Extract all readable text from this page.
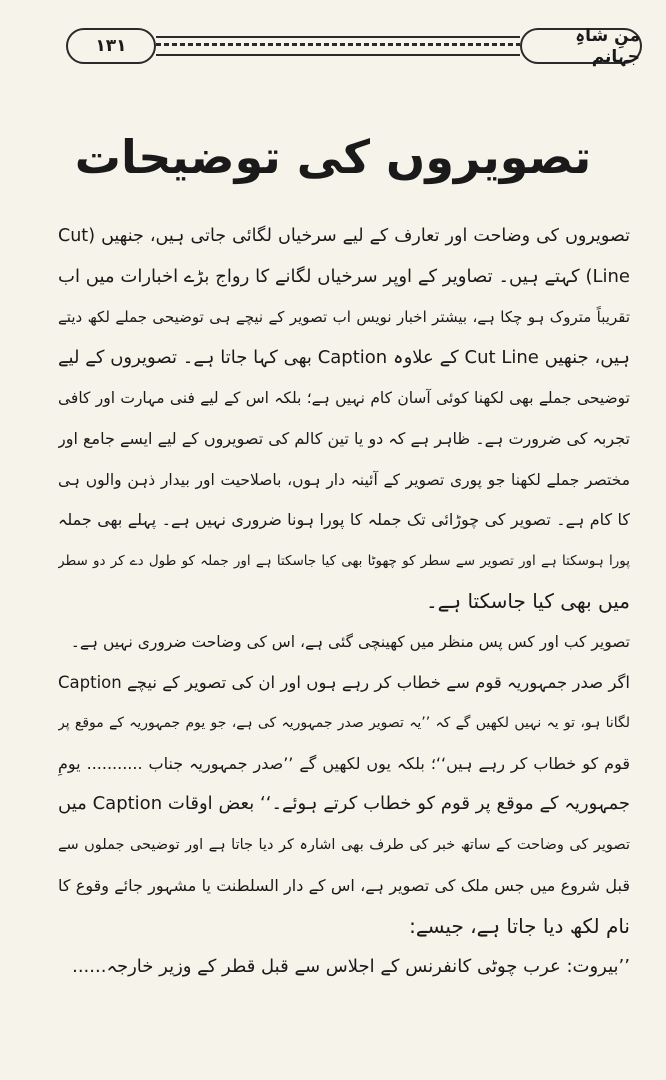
۱۳۱	منِ شاہِ جہانم
تصویروں کی توضیحات
تصویروں کی وضاحت اور تعارف کے لیے سرخیاں لگائی جاتی ہیں، جنھیں (Cut
Line) کہتے ہیں۔ تصاویر کے اوپر سرخیاں لگانے کا رواج بڑے اخبارات میں اب
تقریباً متروک ہو چکا ہے، بیشتر اخبار نویس اب تصویر کے نیچے ہی توضیحی جملے لکھ دیتے
ہیں، جنھیں Cut Line کے علاوہ Caption بھی کہا جاتا ہے۔ تصویروں کے لیے
توضیحی جملے بھی لکھنا کوئی آسان کام نہیں ہے؛ بلکہ اس کے لیے فنی مہارت اور کافی
تجربہ کی ضرورت ہے۔ ظاہر ہے کہ دو یا تین کالم کی تصویروں کے لیے ایسے جامع اور
مختصر جملے لکھنا جو پوری تصویر کے آئینہ دار ہوں، باصلاحیت اور بیدار ذہن والوں ہی
کا کام ہے۔ تصویر کی چوڑائی تک جملہ کا پورا ہونا ضروری نہیں ہے۔ پہلے بھی جملہ
پورا ہوسکتا ہے اور تصویر سے سطر کو چھوٹا بھی کیا جاسکتا ہے اور جملہ کو طول دے کر دو سطر
میں بھی کیا جاسکتا ہے۔
تصویر کب اور کس پس منظر میں کھینچی گئی ہے، اس کی وضاحت ضروری نہیں ہے۔
اگر صدر جمہوریہ قوم سے خطاب کر رہے ہوں اور ان کی تصویر کے نیچے Caption
لگانا ہو، تو یہ نہیں لکھیں گے کہ ’’یہ تصویر صدر جمہوریہ کی ہے، جو یوم جمہوریہ کے موقع پر
قوم کو خطاب کر رہے ہیں‘‘؛ بلکہ یوں لکھیں گے ’’صدر جمہوریہ جناب ........... یومِ
جمہوریہ کے موقع پر قوم کو خطاب کرتے ہوئے۔‘‘ بعض اوقات Caption میں
تصویر کی وضاحت کے ساتھ خبر کی طرف بھی اشارہ کر دیا جاتا ہے اور توضیحی جملوں سے
قبل شروع میں جس ملک کی تصویر ہے، اس کے دار السلطنت یا مشہور جائے وقوع کا
نام لکھ دیا جاتا ہے، جیسے:
’’بیروت: عرب چوٹی کانفرنس کے اجلاس سے قبل قطر کے وزیر خارجہ......
